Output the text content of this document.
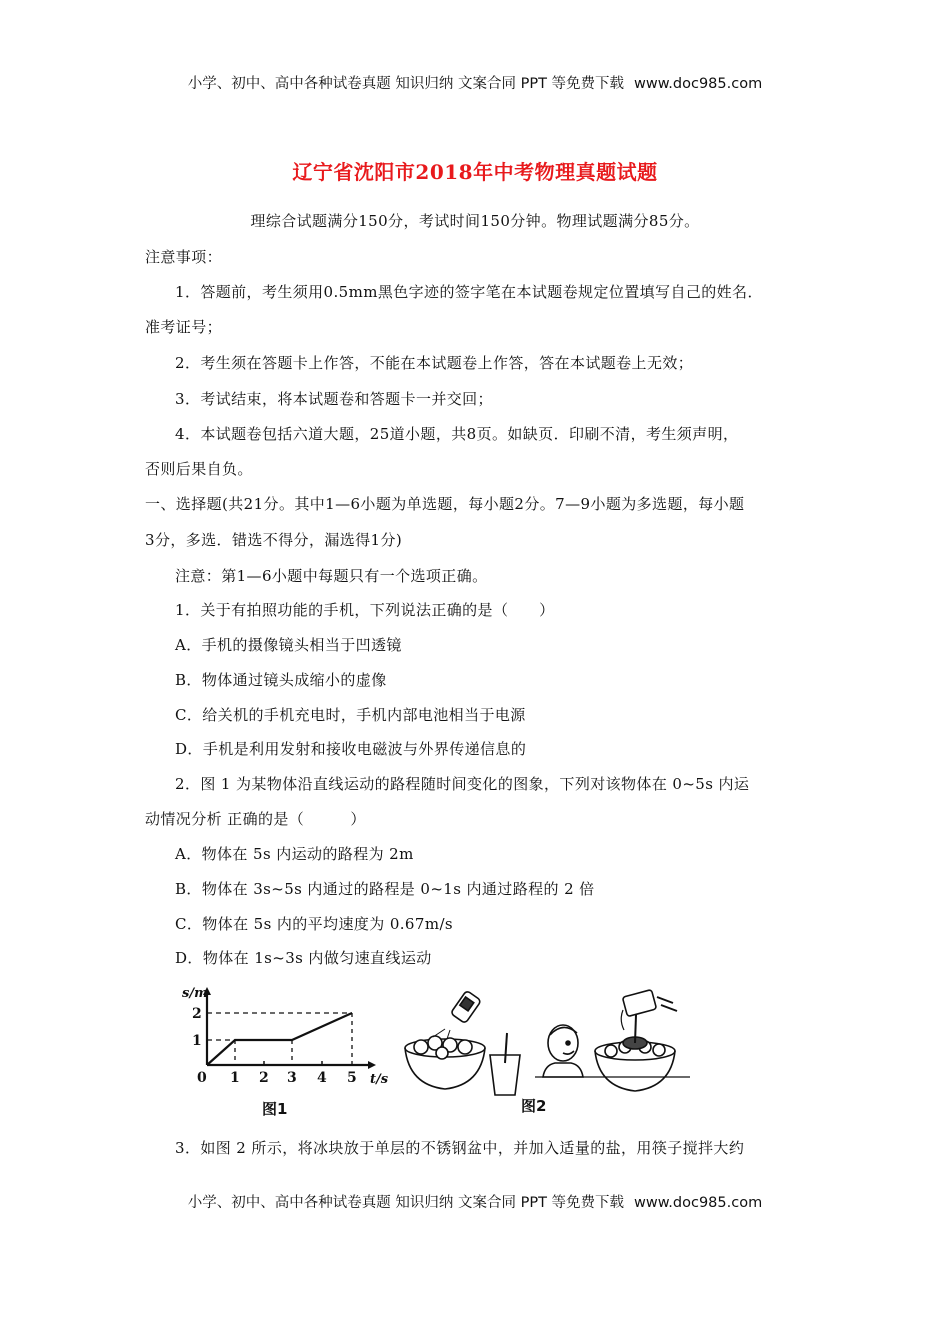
小学、初中、高中各种试卷真题 知识归纳 文案合同 PPT 等免费下载 www.doc985.com
辽宁省沈阳市2018年中考物理真题试题
理综合试题满分150分，考试时间150分钟。物理试题满分85分。
注意事项：
1．答题前，考生须用0.5mm黑色字迹的签字笔在本试题卷规定位置填写自己的姓名．
准考证号；
2．考生须在答题卡上作答，不能在本试题卷上作答，答在本试题卷上无效；
3．考试结束，将本试题卷和答题卡一并交回；
4．本试题卷包括六道大题，25道小题，共8页。如缺页．印刷不清，考生须声明，
否则后果自负。
一、选择题(共21分。其中1—6小题为单选题，每小题2分。7—9小题为多选题，每小题
3分，多选．错选不得分，漏选得1分)
注意：第1—6小题中每题只有一个选项正确。
1．关于有拍照功能的手机，下列说法正确的是（　　）
A．手机的摄像镜头相当于凹透镜
B．物体通过镜头成缩小的虚像
C．给关机的手机充电时，手机内部电池相当于电源
D．手机是利用发射和接收电磁波与外界传递信息的
2．图 1 为某物体沿直线运动的路程随时间变化的图象，下列对该物体在 0~5s 内运
动情况分析 正确的是（　　　）
A．物体在 5s 内运动的路程为 2m
B．物体在 3s~5s 内通过的路程是 0~1s 内通过路程的 2 倍
C．物体在 5s 内的平均速度为 0.67m/s
D．物体在 1s~3s 内做匀速直线运动
s/m
2
1
0 1 2 3 4 5 t/s
图1	图2
3．如图 2 所示，将冰块放于单层的不锈钢盆中，并加入适量的盐，用筷子搅拌大约
小学、初中、高中各种试卷真题 知识归纳 文案合同 PPT 等免费下载 www.doc985.com
